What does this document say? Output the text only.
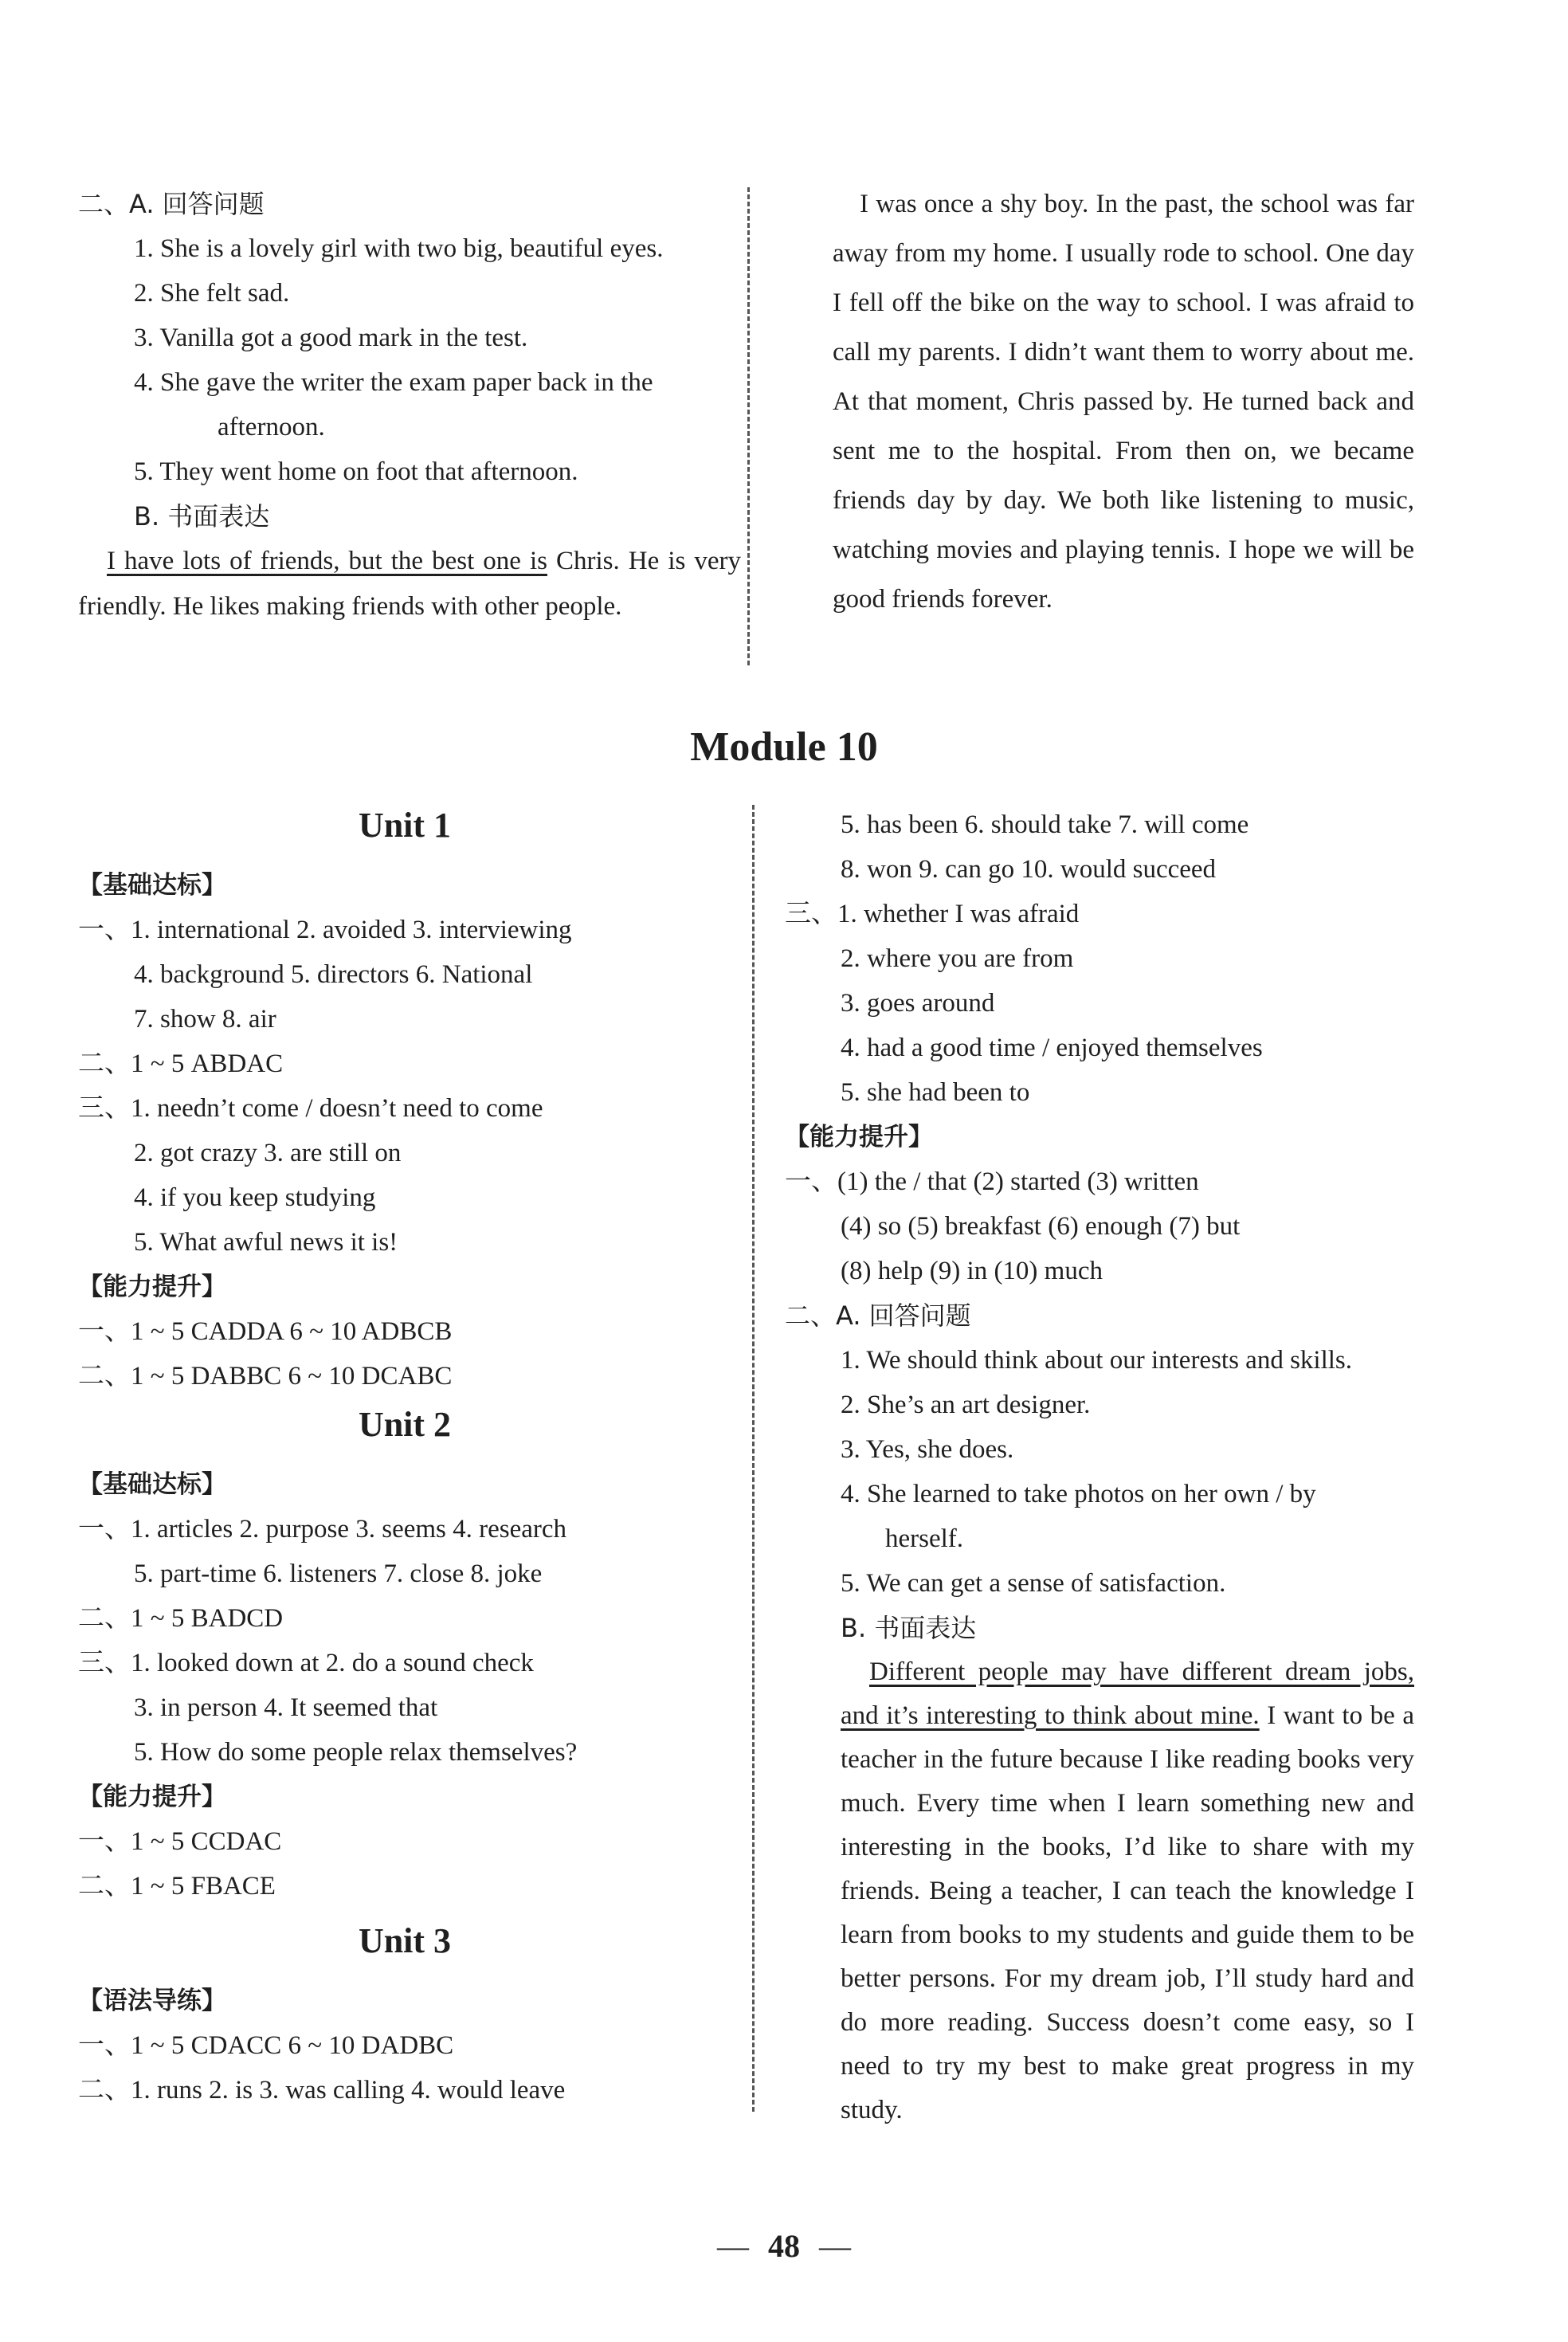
二、A. 回答问题
1. She is a lovely girl with two big, beautiful eyes.
2. She felt sad.
3. Vanilla got a good mark in the test.
4. She gave the writer the exam paper back in the
afternoon.
5. They went home on foot that afternoon.
B. 书面表达
I have lots of friends, but the best one is Chris. He is very friendly. He likes making friends with other people.
I was once a shy boy. In the past, the school was far away from my home. I usually rode to school. One day I fell off the bike on the way to school. I was afraid to call my parents. I didn’t want them to worry about me. At that moment, Chris passed by. He turned back and sent me to the hospital. From then on, we became friends day by day. We both like listening to music, watching movies and playing tennis. I hope we will be good friends forever.
Module 10
Unit 1
【基础达标】
一、1. international 2. avoided 3. interviewing
4. background 5. directors 6. National
7. show 8. air
二、1 ~ 5 ABDAC
三、1. needn’t come / doesn’t need to come
2. got crazy 3. are still on
4. if you keep studying
5. What awful news it is!
【能力提升】
一、1 ~ 5 CADDA 6 ~ 10 ADBCB
二、1 ~ 5 DABBC 6 ~ 10 DCABC
Unit 2
【基础达标】
一、1. articles 2. purpose 3. seems 4. research
5. part-time 6. listeners 7. close 8. joke
二、1 ~ 5 BADCD
三、1. looked down at 2. do a sound check
3. in person 4. It seemed that
5. How do some people relax themselves?
【能力提升】
一、1 ~ 5 CCDAC
二、1 ~ 5 FBACE
Unit 3
【语法导练】
一、1 ~ 5 CDACC 6 ~ 10 DADBC
二、1. runs 2. is 3. was calling 4. would leave
5. has been 6. should take 7. will come
8. won 9. can go 10. would succeed
三、1. whether I was afraid
2. where you are from
3. goes around
4. had a good time / enjoyed themselves
5. she had been to
【能力提升】
一、(1) the / that (2) started (3) written
(4) so (5) breakfast (6) enough (7) but
(8) help (9) in (10) much
二、A. 回答问题
1. We should think about our interests and skills.
2. She’s an art designer.
3. Yes, she does.
4. She learned to take photos on her own / by
herself.
5. We can get a sense of satisfaction.
B. 书面表达
Different people may have different dream jobs, and it’s interesting to think about mine. I want to be a teacher in the future because I like reading books very much. Every time when I learn something new and interesting in the books, I’d like to share with my friends. Being a teacher, I can teach the knowledge I learn from books to my students and guide them to be better persons. For my dream job, I’ll study hard and do more reading. Success doesn’t come easy, so I need to try my best to make great progress in my study.
— 48 —
